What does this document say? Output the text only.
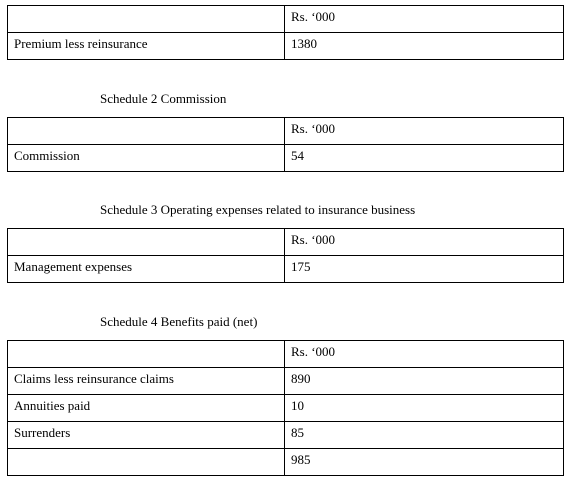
	Rs. ‘000
Premium less reinsurance	1380
Schedule 2 Commission
	Rs. ‘000
Commission	54
Schedule 3 Operating expenses related to insurance business
	Rs. ‘000
Management expenses	175
Schedule 4 Benefits paid (net)
	Rs. ‘000
Claims less reinsurance claims	890
Annuities paid	10
Surrenders	85
	985
